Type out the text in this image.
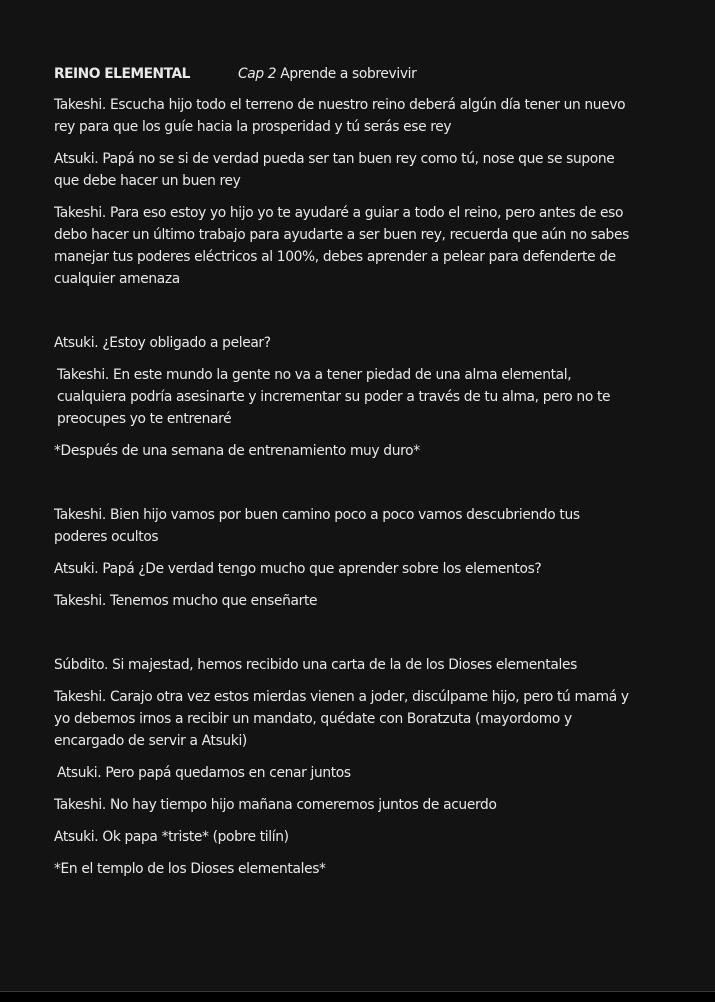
REINO ELEMENTAL	Cap 2 Aprende a sobrevivir

Takeshi. Escucha hijo todo el terreno de nuestro reino deberá algún día tener un nuevo rey para que los guíe hacia la prosperidad y tú serás ese rey

Atsuki. Papá no se si de verdad pueda ser tan buen rey como tú, nose que se supone que debe hacer un buen rey

Takeshi. Para eso estoy yo hijo yo te ayudaré a guiar a todo el reino, pero antes de eso debo hacer un último trabajo para ayudarte a ser buen rey, recuerda que aún no sabes manejar tus poderes eléctricos al 100%, debes aprender a pelear para defenderte de cualquier amenaza

Atsuki. ¿Estoy obligado a pelear?

Takeshi. En este mundo la gente no va a tener piedad de una alma elemental, cualquiera podría asesinarte y incrementar su poder a través de tu alma, pero no te preocupes yo te entrenaré

*Después de una semana de entrenamiento muy duro*

Takeshi. Bien hijo vamos por buen camino poco a poco vamos descubriendo tus poderes ocultos

Atsuki. Papá ¿De verdad tengo mucho que aprender sobre los elementos?

Takeshi. Tenemos mucho que enseñarte

Súbdito. Si majestad, hemos recibido una carta de la de los Dioses elementales

Takeshi. Carajo otra vez estos mierdas vienen a joder, discúlpame hijo, pero tú mamá y yo debemos irnos a recibir un mandato, quédate con Boratzuta (mayordomo y encargado de servir a Atsuki)

Atsuki. Pero papá quedamos en cenar juntos

Takeshi. No hay tiempo hijo mañana comeremos juntos de acuerdo

Atsuki. Ok papa *triste* (pobre tilín)

*En el templo de los Dioses elementales*
